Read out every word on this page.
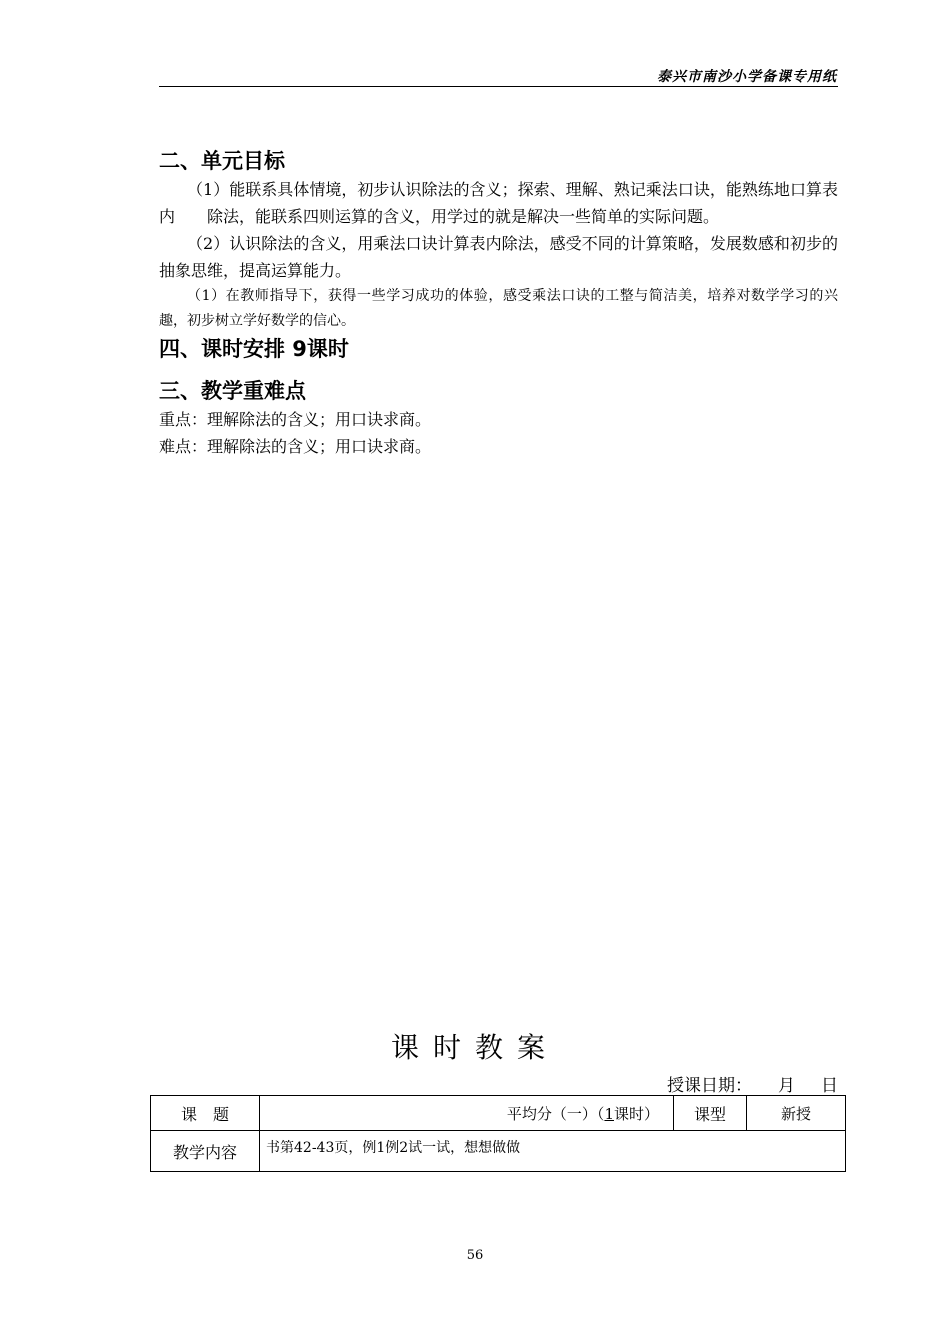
泰兴市南沙小学备课专用纸
二、单元目标

（1）能联系具体情境，初步认识除法的含义；探索、理解、熟记乘法口诀，能熟练地口算表内　　除法，能联系四则运算的含义，用学过的就是解决一些简单的实际问题。

（2）认识除法的含义，用乘法口诀计算表内除法，感受不同的计算策略，发展数感和初步的抽象思维，提高运算能力。

（1）在教师指导下，获得一些学习成功的体验，感受乘法口诀的工整与简洁美，培养对数学学习的兴趣，初步树立学好数学的信心。

四、课时安排 9课时
三、教学重难点

重点：理解除法的含义；用口诀求商。

难点：理解除法的含义；用口诀求商。

课时教案
授课日期： 月 日
课　题	平均分（一）（1课时）	课型	新授
教学内容	书第42-43页，例1例2试一试，想想做做		
56
